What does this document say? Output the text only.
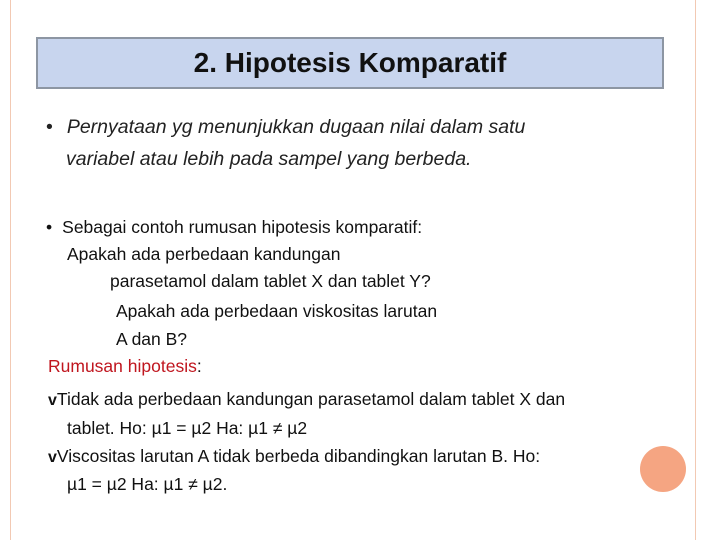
2. Hipotesis Komparatif
• Pernyataan yg menunjukkan dugaan nilai dalam satu
variabel atau lebih pada sampel yang berbeda.
• Sebagai contoh rumusan hipotesis komparatif:
Apakah ada perbedaan kandungan
parasetamol dalam tablet X dan tablet Y?
Apakah ada perbedaan viskositas larutan
A dan B?
Rumusan hipotesis:
vTidak ada perbedaan kandungan parasetamol dalam tablet X dan
tablet. Ho: µ1 = µ2 Ha: µ1 ≠ µ2
vViscositas larutan A tidak berbeda dibandingkan larutan B. Ho:
µ1 = µ2 Ha: µ1 ≠ µ2.
